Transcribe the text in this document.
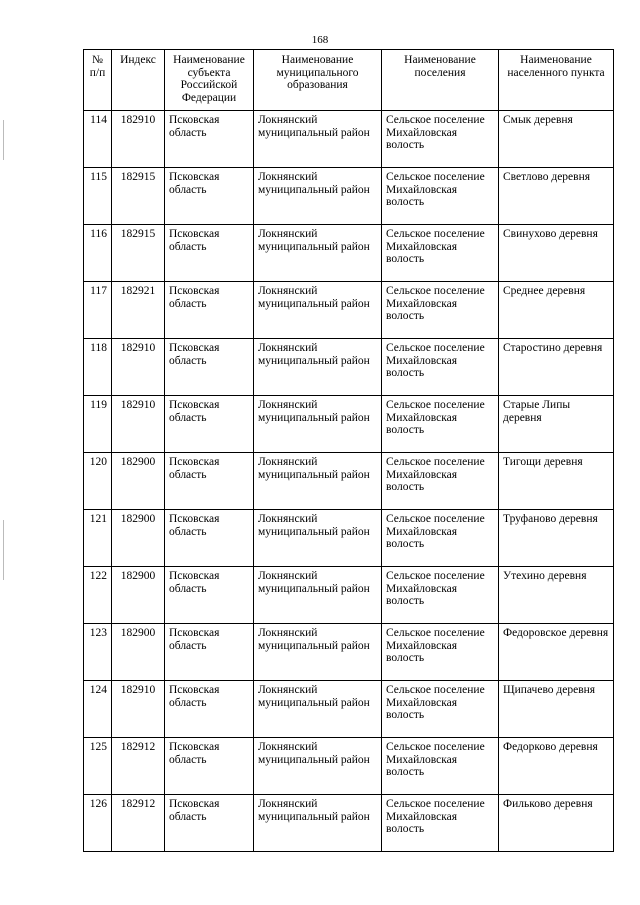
168
№
п/п	Индекс	Наименование субъекта Российской Федерации	Наименование муниципального образования	Наименование поселения	Наименование населенного пункта
114	182910	Псковская область	Локнянский муниципальный район	Сельское поселение Михайловская волость	Смык деревня
115	182915	Псковская область	Локнянский муниципальный район	Сельское поселение Михайловская волость	Светлово деревня
116	182915	Псковская область	Локнянский муниципальный район	Сельское поселение Михайловская волость	Свинухово деревня
117	182921	Псковская область	Локнянский муниципальный район	Сельское поселение Михайловская волость	Среднее деревня
118	182910	Псковская область	Локнянский муниципальный район	Сельское поселение Михайловская волость	Старостино деревня
119	182910	Псковская область	Локнянский муниципальный район	Сельское поселение Михайловская волость	Старые Липы деревня
120	182900	Псковская область	Локнянский муниципальный район	Сельское поселение Михайловская волость	Тигощи деревня
121	182900	Псковская область	Локнянский муниципальный район	Сельское поселение Михайловская волость	Труфаново деревня
122	182900	Псковская область	Локнянский муниципальный район	Сельское поселение Михайловская волость	Утехино деревня
123	182900	Псковская область	Локнянский муниципальный район	Сельское поселение Михайловская волость	Федоровское деревня
124	182910	Псковская область	Локнянский муниципальный район	Сельское поселение Михайловская волость	Щипачево деревня
125	182912	Псковская область	Локнянский муниципальный район	Сельское поселение Михайловская волость	Федорково деревня
126	182912	Псковская область	Локнянский муниципальный район	Сельское поселение Михайловская волость	Фильково деревня
